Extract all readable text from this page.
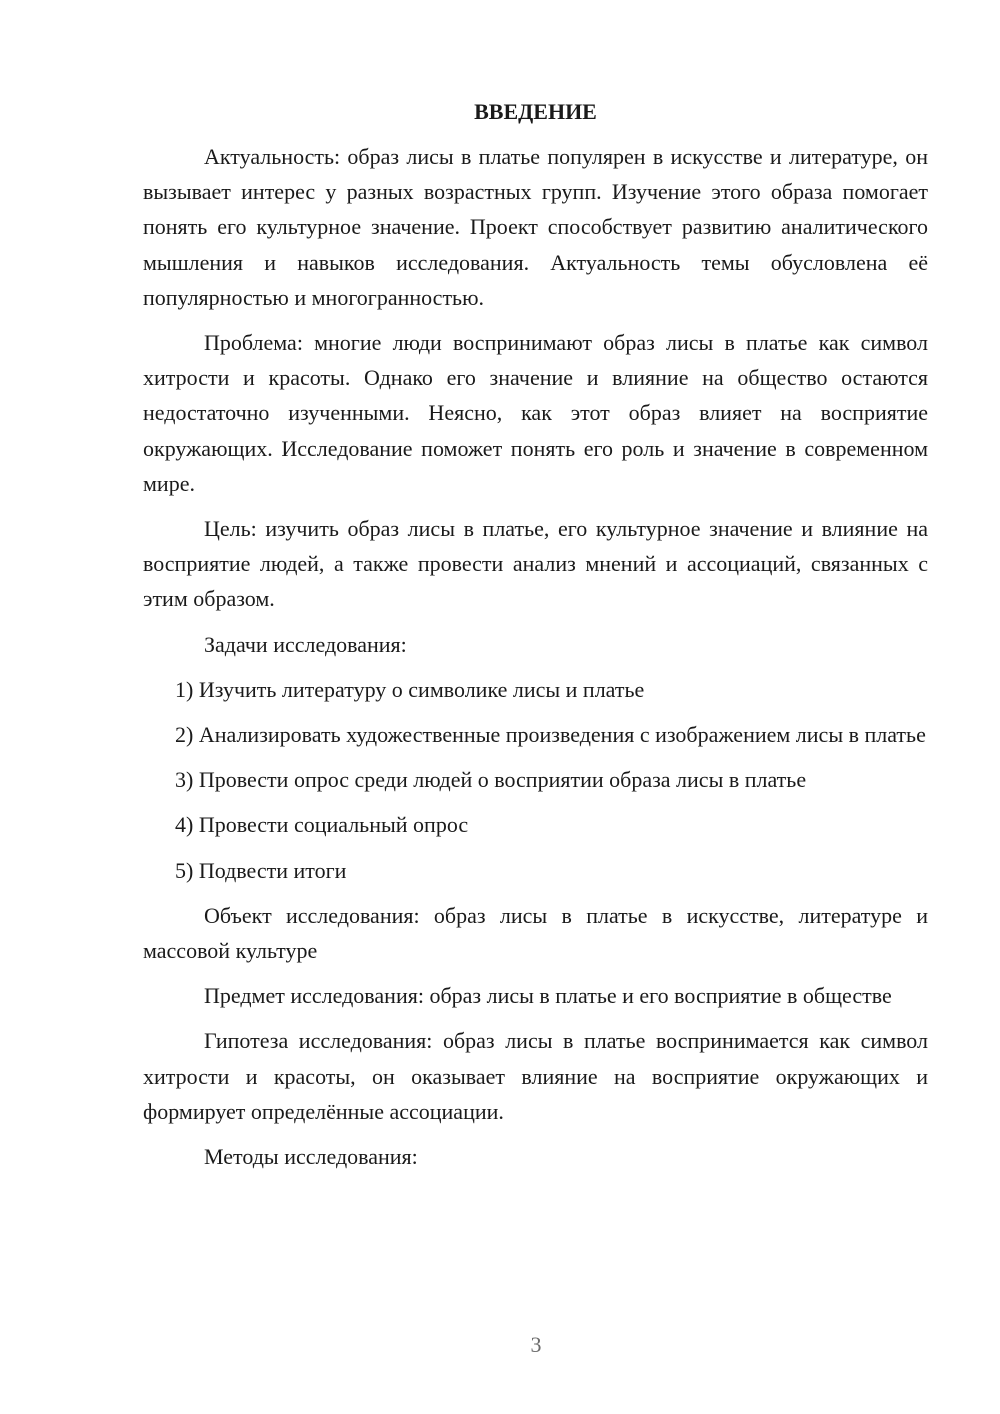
ВВЕДЕНИЕ

Актуальность: образ лисы в платье популярен в искусстве и литературе, он вызывает интерес у разных возрастных групп. Изучение этого образа помогает понять его культурное значение. Проект способствует развитию аналитического мышления и навыков исследования. Актуальность темы обусловлена её популярностью и многогранностью.

Проблема: многие люди воспринимают образ лисы в платье как символ хитрости и красоты. Однако его значение и влияние на общество остаются недостаточно изученными. Неясно, как этот образ влияет на восприятие окружающих. Исследование поможет понять его роль и значение в современном мире.

Цель: изучить образ лисы в платье, его культурное значение и влияние на восприятие людей, а также провести анализ мнений и ассоциаций, связанных с этим образом.

Задачи исследования:

1) Изучить литературу о символике лисы и платье

2) Анализировать художественные произведения с изображением лисы в платье

3) Провести опрос среди людей о восприятии образа лисы в платье

4) Провести социальный опрос

5) Подвести итоги

Объект исследования: образ лисы в платье в искусстве, литературе и массовой культуре

Предмет исследования: образ лисы в платье и его восприятие в обществе

Гипотеза исследования: образ лисы в платье воспринимается как символ хитрости и красоты, он оказывает влияние на восприятие окружающих и формирует определённые ассоциации.

Методы исследования:

3
